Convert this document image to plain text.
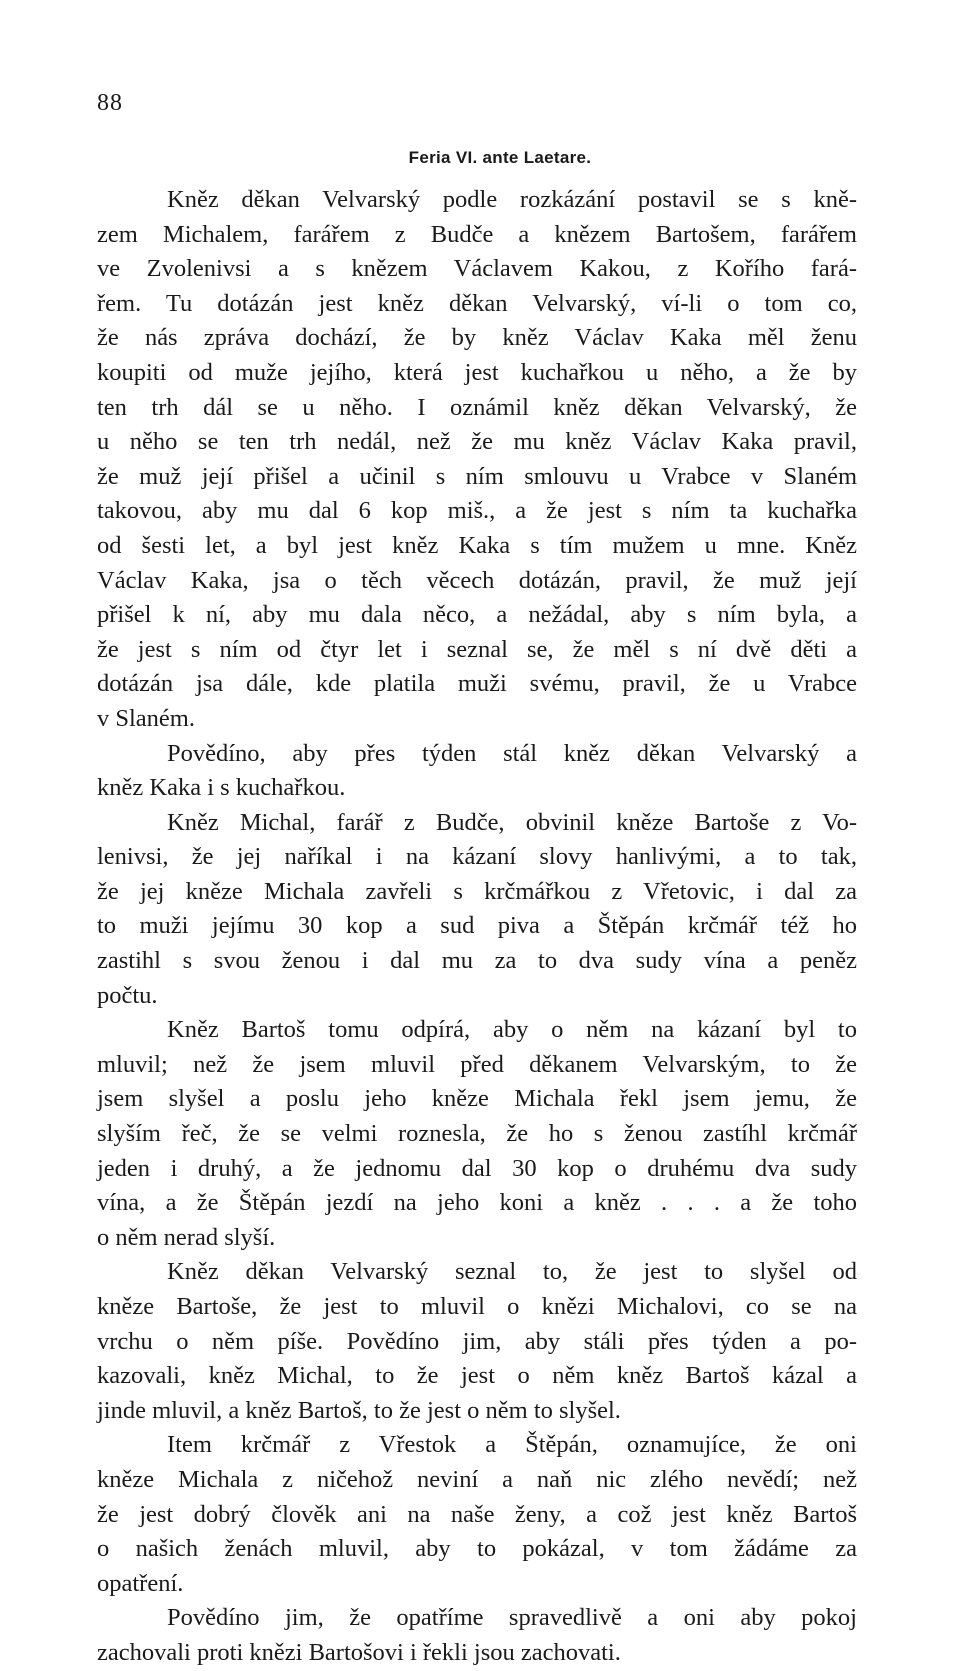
88
Feria VI. ante Laetare.
Kněz děkan Velvarský podle rozkázání postavil se s kně-
zem Michalem, farářem z Budče a knězem Bartošem, farářem
ve Zvolenivsi a s knězem Václavem Kakou, z Kořího fará-
řem. Tu dotázán jest kněz děkan Velvarský, ví-li o tom co,
že nás zpráva dochází, že by kněz Václav Kaka měl ženu
koupiti od muže jejího, která jest kuchařkou u něho, a že by
ten trh dál se u něho. I oznámil kněz děkan Velvarský, že
u něho se ten trh nedál, než že mu kněz Václav Kaka pravil,
že muž její přišel a učinil s ním smlouvu u Vrabce v Slaném
takovou, aby mu dal 6 kop miš., a že jest s ním ta kuchařka
od šesti let, a byl jest kněz Kaka s tím mužem u mne. Kněz
Václav Kaka, jsa o těch věcech dotázán, pravil, že muž její
přišel k ní, aby mu dala něco, a nežádal, aby s ním byla, a
že jest s ním od čtyr let i seznal se, že měl s ní dvě děti a
dotázán jsa dále, kde platila muži svému, pravil, že u Vrabce
v Slaném.
Povědíno, aby přes týden stál kněz děkan Velvarský a
kněz Kaka i s kuchařkou.
Kněz Michal, farář z Budče, obvinil kněze Bartoše z Vo-
lenivsi, že jej naříkal i na kázaní slovy hanlivými, a to tak,
že jej kněze Michala zavřeli s krčmářkou z Vřetovic, i dal za
to muži jejímu 30 kop a sud piva a Štěpán krčmář též ho
zastihl s svou ženou i dal mu za to dva sudy vína a peněz
počtu.
Kněz Bartoš tomu odpírá, aby o něm na kázaní byl to
mluvil; než že jsem mluvil před děkanem Velvarským, to že
jsem slyšel a poslu jeho kněze Michala řekl jsem jemu, že
slyším řeč, že se velmi roznesla, že ho s ženou zastíhl krčmář
jeden i druhý, a že jednomu dal 30 kop o druhému dva sudy
vína, a že Štěpán jezdí na jeho koni a kněz . . . a že toho
o něm nerad slyší.
Kněz děkan Velvarský seznal to, že jest to slyšel od
kněze Bartoše, že jest to mluvil o knězi Michalovi, co se na
vrchu o něm píše. Povědíno jim, aby stáli přes týden a po-
kazovali, kněz Michal, to že jest o něm kněz Bartoš kázal a
jinde mluvil, a kněz Bartoš, to že jest o něm to slyšel.
Item krčmář z Vřestok a Štěpán, oznamujíce, že oni
kněze Michala z ničehož neviní a naň nic zlého nevědí; než
že jest dobrý člověk ani na naše ženy, a což jest kněz Bartoš
o našich ženách mluvil, aby to pokázal, v tom žádáme za
opatření.
Povědíno jim, že opatříme spravedlivě a oni aby pokoj
zachovali proti knězi Bartošovi i řekli jsou zachovati.
